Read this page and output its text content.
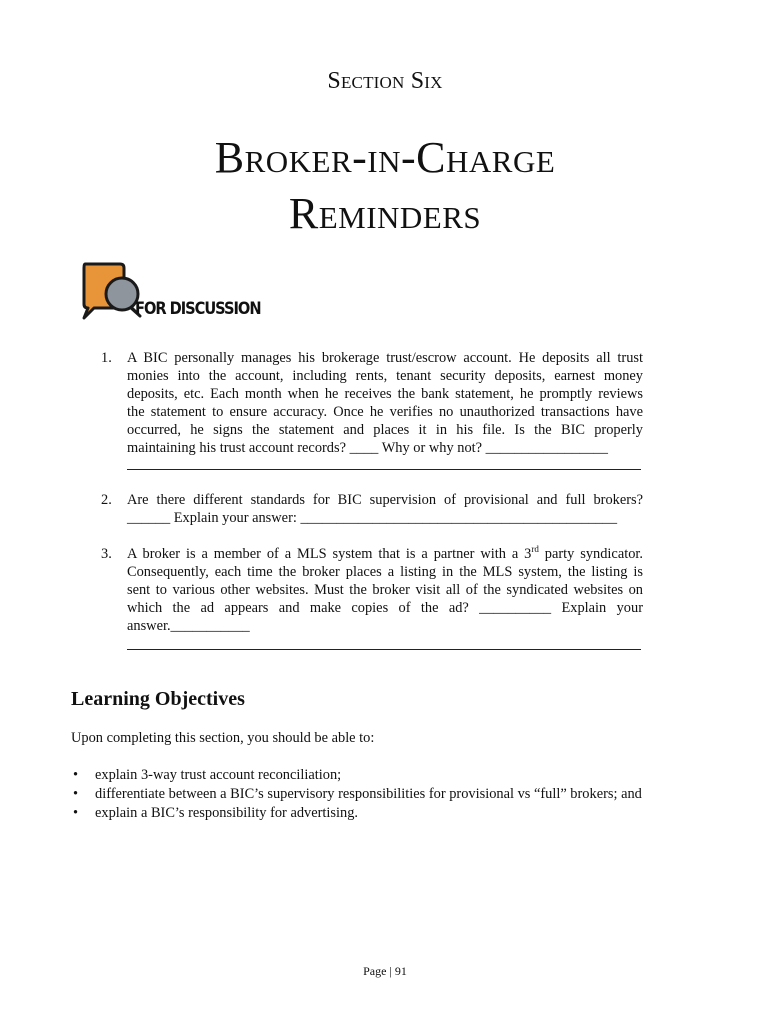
Section Six
Broker-in-Charge
Reminders
FOR DISCUSSION
1. A BIC personally manages his brokerage trust/escrow account. He deposits all trust
monies into the account, including rents, tenant security deposits, earnest money
deposits, etc. Each month when he receives the bank statement, he promptly reviews
the statement to ensure accuracy. Once he verifies no unauthorized transactions have
occurred, he signs the statement and places it in his file. Is the BIC properly
maintaining his trust account records? ____ Why or why not? _________________
2. Are there different standards for BIC supervision of provisional and full brokers?
______ Explain your answer: ____________________________________________
3. A broker is a member of a MLS system that is a partner with a 3rd party syndicator.
Consequently, each time the broker places a listing in the MLS system, the listing is
sent to various other websites. Must the broker visit all of the syndicated websites on
which the ad appears and make copies of the ad? __________ Explain your
answer.___________
Learning Objectives
Upon completing this section, you should be able to:
• explain 3-way trust account reconciliation;
• differentiate between a BIC’s supervisory responsibilities for provisional vs “full” brokers; and
• explain a BIC’s responsibility for advertising.
Page | 91
